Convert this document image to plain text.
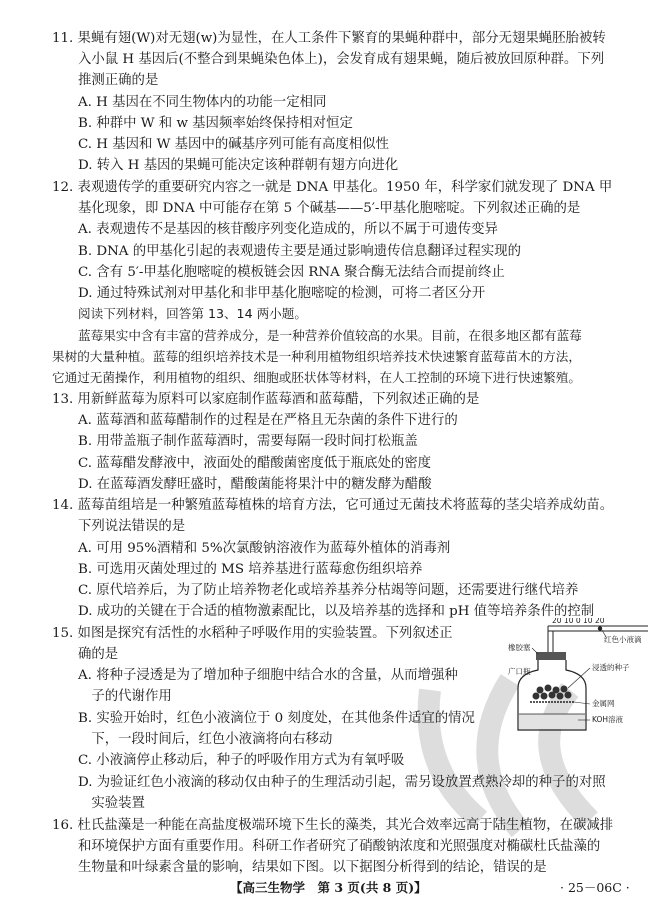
11. 果蝇有翅(W)对无翅(w)为显性，在人工条件下繁育的果蝇种群中，部分无翅果蝇胚胎被转
入小鼠 H 基因后(不整合到果蝇染色体上)，会发育成有翅果蝇，随后被放回原种群。下列
推测正确的是
A. H 基因在不同生物体内的功能一定相同
B. 种群中 W 和 w 基因频率始终保持相对恒定
C. H 基因和 W 基因中的碱基序列可能有高度相似性
D. 转入 H 基因的果蝇可能决定该种群朝有翅方向进化
12. 表观遗传学的重要研究内容之一就是 DNA 甲基化。1950 年，科学家们就发现了 DNA 甲
基化现象，即 DNA 中可能存在第 5 个碱基——5′-甲基化胞嘧啶。下列叙述正确的是
A. 表观遗传不是基因的核苷酸序列变化造成的，所以不属于可遗传变异
B. DNA 的甲基化引起的表观遗传主要是通过影响遗传信息翻译过程实现的
C. 含有 5′-甲基化胞嘧啶的模板链会因 RNA 聚合酶无法结合而提前终止
D. 通过特殊试剂对甲基化和非甲基化胞嘧啶的检测，可将二者区分开
阅读下列材料，回答第 13、14 两小题。
蓝莓果实中含有丰富的营养成分，是一种营养价值较高的水果。目前，在很多地区都有蓝莓
果树的大量种植。蓝莓的组织培养技术是一种利用植物组织培养技术快速繁育蓝莓苗木的方法，
它通过无菌操作，利用植物的组织、细胞或胚状体等材料，在人工控制的环境下进行快速繁殖。
13. 用新鲜蓝莓为原料可以家庭制作蓝莓酒和蓝莓醋，下列叙述正确的是
A. 蓝莓酒和蓝莓醋制作的过程是在严格且无杂菌的条件下进行的
B. 用带盖瓶子制作蓝莓酒时，需要每隔一段时间打松瓶盖
C. 蓝莓醋发酵液中，液面处的醋酸菌密度低于瓶底处的密度
D. 在蓝莓酒发酵旺盛时，醋酸菌能将果汁中的糖发酵为醋酸
14. 蓝莓苗组培是一种繁殖蓝莓植株的培育方法，它可通过无菌技术将蓝莓的茎尖培养成幼苗。
下列说法错误的是
A. 可用 95%酒精和 5%次氯酸钠溶液作为蓝莓外植体的消毒剂
B. 可选用灭菌处理过的 MS 培养基进行蓝莓愈伤组织培养
C. 原代培养后，为了防止培养物老化或培养基养分枯竭等问题，还需要进行继代培养
D. 成功的关键在于合适的植物激素配比，以及培养基的选择和 pH 值等培养条件的控制
15. 如图是探究有活性的水稻种子呼吸作用的实验装置。下列叙述正
确的是
A. 将种子浸透是为了增加种子细胞中结合水的含量，从而增强种
　子的代谢作用
B. 实验开始时，红色小液滴位于 0 刻度处，在其他条件适宜的情况
　下，一段时间后，红色小液滴将向右移动
C. 小液滴停止移动后，种子的呼吸作用方式为有氧呼吸
D. 为验证红色小液滴的移动仅由种子的生理活动引起，需另设放置煮熟冷却的种子的对照
　实验装置
16. 杜氏盐藻是一种能在高盐度极端环境下生长的藻类，其光合效率远高于陆生植物，在碳减排
和环境保护方面有重要作用。科研工作者研究了硝酸钠浓度和光照强度对椭碳杜氏盐藻的
生物量和叶绿素含量的影响，结果如下图。以下据图分析得到的结论，错误的是
20 10 0 10 20
红色小液滴
橡胶塞
广口瓶	浸透的种子
金属网
KOH溶液
【高三生物学　第 3 页(共 8 页)】	· 25－06C ·
